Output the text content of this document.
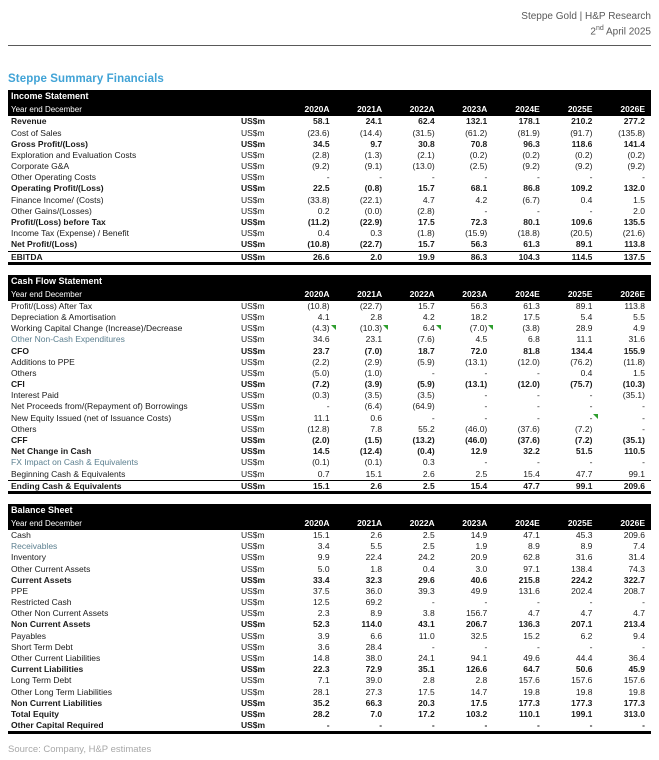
Steppe Gold | H&P Research
2nd April 2025
Steppe Summary Financials
Income Statement
Year end December	2020A	2021A	2022A	2023A	2024E	2025E	2026E
Revenue	US$m	58.1	24.1	62.4	132.1	178.1	210.2	277.2
Cost of Sales	US$m	(23.6)	(14.4)	(31.5)	(61.2)	(81.9)	(91.7)	(135.8)
Gross Profit/(Loss)	US$m	34.5	9.7	30.8	70.8	96.3	118.6	141.4
Exploration and Evaluation Costs	US$m	(2.8)	(1.3)	(2.1)	(0.2)	(0.2)	(0.2)	(0.2)
Corporate G&A	US$m	(9.2)	(9.1)	(13.0)	(2.5)	(9.2)	(9.2)	(9.2)
Other Operating Costs	US$m	-	-	-	-	-	-	-
Operating Profit/(Loss)	US$m	22.5	(0.8)	15.7	68.1	86.8	109.2	132.0
Finance Income/ (Costs)	US$m	(33.8)	(22.1)	4.7	4.2	(6.7)	0.4	1.5
Other Gains/(Losses)	US$m	0.2	(0.0)	(2.8)	-	-	-	2.0
Profit/(Loss) before Tax	US$m	(11.2)	(22.9)	17.5	72.3	80.1	109.6	135.5
Income Tax (Expense) / Benefit	US$m	0.4	0.3	(1.8)	(15.9)	(18.8)	(20.5)	(21.6)
Net Profit/(Loss)	US$m	(10.8)	(22.7)	15.7	56.3	61.3	89.1	113.8
EBITDA	US$m	26.6	2.0	19.9	86.3	104.3	114.5	137.5
Cash Flow Statement
Year end December	2020A	2021A	2022A	2023A	2024E	2025E	2026E
Profit/(Loss) After Tax	US$m	(10.8)	(22.7)	15.7	56.3	61.3	89.1	113.8
Depreciation & Amortisation	US$m	4.1	2.8	4.2	18.2	17.5	5.4	5.5
Working Capital Change (Increase)/Decrease	US$m	(4.3)	(10.3)	6.4	(7.0)	(3.8)	28.9	4.9
Other Non-Cash Expenditures	US$m	34.6	23.1	(7.6)	4.5	6.8	11.1	31.6
CFO	US$m	23.7	(7.0)	18.7	72.0	81.8	134.4	155.9
Additions to PPE	US$m	(2.2)	(2.9)	(5.9)	(13.1)	(12.0)	(76.2)	(11.8)
Others	US$m	(5.0)	(1.0)	-	-	-	0.4	1.5
CFI	US$m	(7.2)	(3.9)	(5.9)	(13.1)	(12.0)	(75.7)	(10.3)
Interest Paid	US$m	(0.3)	(3.5)	(3.5)	-	-	-	(35.1)
Net Proceeds from/(Repayment of) Borrowings	US$m	-	(6.4)	(64.9)	-	-	-	-
New Equity Issued (net of Issuance Costs)	US$m	11.1	0.6	-	-	-	-	-
Others	US$m	(12.8)	7.8	55.2	(46.0)	(37.6)	(7.2)	-
CFF	US$m	(2.0)	(1.5)	(13.2)	(46.0)	(37.6)	(7.2)	(35.1)
Net Change in Cash	US$m	14.5	(12.4)	(0.4)	12.9	32.2	51.5	110.5
FX Impact on Cash & Equivalents	US$m	(0.1)	(0.1)	0.3	-	-	-	-
Beginning Cash & Equivalents	US$m	0.7	15.1	2.6	2.5	15.4	47.7	99.1
Ending Cash & Equivalents	US$m	15.1	2.6	2.5	15.4	47.7	99.1	209.6
Balance Sheet
Year end December	2020A	2021A	2022A	2023A	2024E	2025E	2026E
Cash	US$m	15.1	2.6	2.5	14.9	47.1	45.3	209.6
Receivables	US$m	3.4	5.5	2.5	1.9	8.9	8.9	7.4
Inventory	US$m	9.9	22.4	24.2	20.9	62.8	31.6	31.4
Other Current Assets	US$m	5.0	1.8	0.4	3.0	97.1	138.4	74.3
Current Assets	US$m	33.4	32.3	29.6	40.6	215.8	224.2	322.7
PPE	US$m	37.5	36.0	39.3	49.9	131.6	202.4	208.7
Restricted Cash	US$m	12.5	69.2	-	-	-	-	-
Other Non Current Assets	US$m	2.3	8.9	3.8	156.7	4.7	4.7	4.7
Non Current Assets	US$m	52.3	114.0	43.1	206.7	136.3	207.1	213.4
Payables	US$m	3.9	6.6	11.0	32.5	15.2	6.2	9.4
Short Term Debt	US$m	3.6	28.4	-	-	-	-	-
Other Current Liabilities	US$m	14.8	38.0	24.1	94.1	49.6	44.4	36.4
Current Liabilities	US$m	22.3	72.9	35.1	126.6	64.7	50.6	45.9
Long Term Debt	US$m	7.1	39.0	2.8	2.8	157.6	157.6	157.6
Other Long Term Liabilities	US$m	28.1	27.3	17.5	14.7	19.8	19.8	19.8
Non Current Liabilities	US$m	35.2	66.3	20.3	17.5	177.3	177.3	177.3
Total Equity	US$m	28.2	7.0	17.2	103.2	110.1	199.1	313.0
Other Capital Required	US$m	-	-	-	-	-	-	-
Source: Company, H&P estimates
